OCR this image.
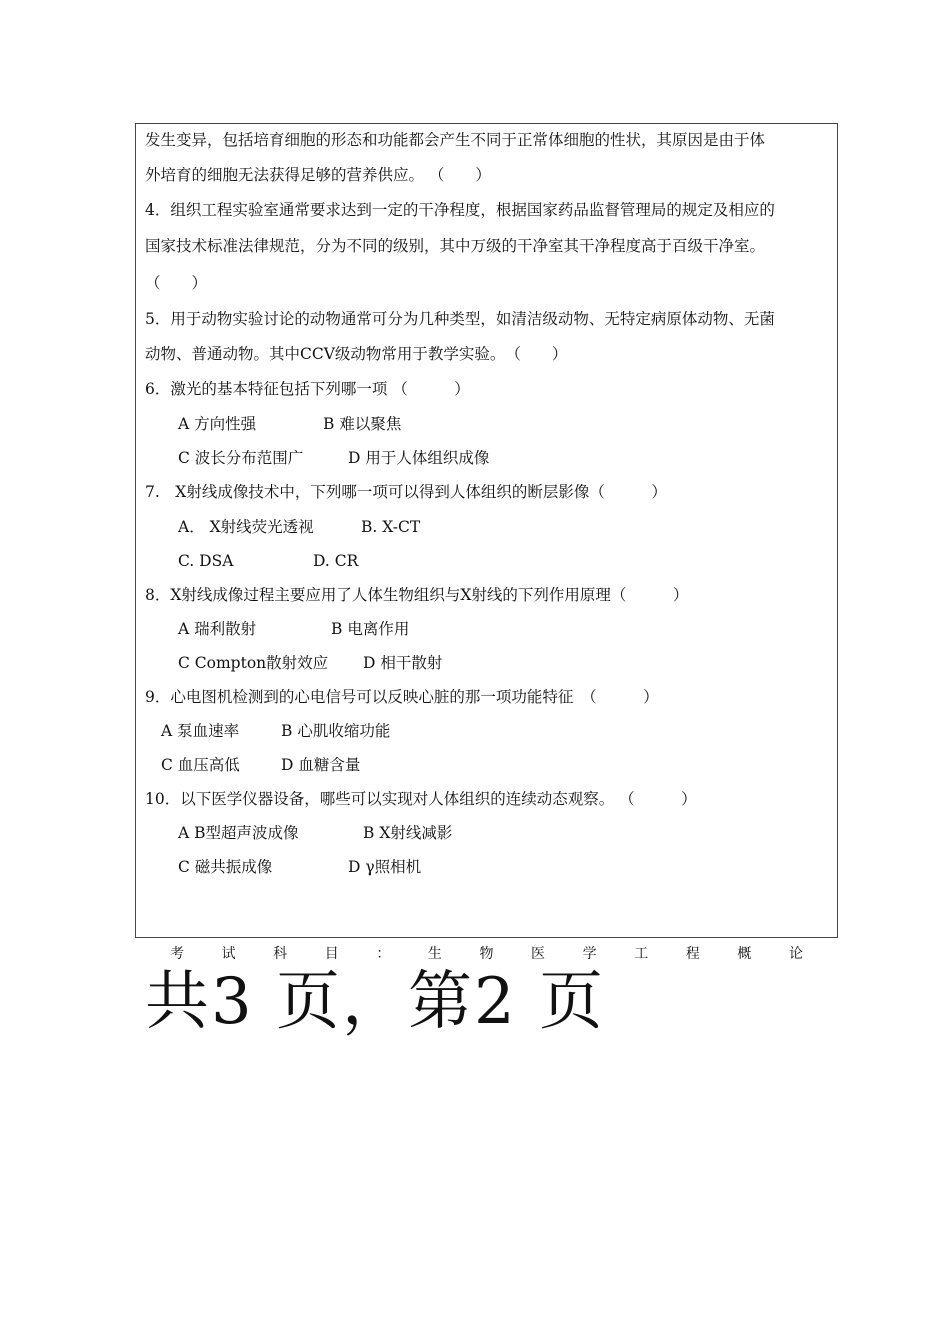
发生变异，包括培育细胞的形态和功能都会产生不同于正常体细胞的性状，其原因是由于体
外培育的细胞无法获得足够的营养供应。 （　　）
4．组织工程实验室通常要求达到一定的干净程度，根据国家药品监督管理局的规定及相应的
国家技术标准法律规范，分为不同的级别，其中万级的干净室其干净程度高于百级干净室。
（　　）
5．用于动物实验讨论的动物通常可分为几种类型，如清洁级动物、无特定病原体动物、无菌
动物、普通动物。其中CCV级动物常用于教学实验。　（　　）
6．激光的基本特征包括下列哪一项 （　　　）
A 方向性强	B 难以聚焦
C 波长分布范围广	D 用于人体组织成像
7.　X射线成像技术中，下列哪一项可以得到人体组织的断层影像（　　　）
A． X射线荧光透视	B. X-CT
C. DSA	D. CR
8．X射线成像过程主要应用了人体生物组织与X射线的下列作用原理（　　　）
A 瑞利散射	B 电离作用
C Compton散射效应 D 相干散射
9．心电图机检测到的心电信号可以反映心脏的那一项功能特征　（　　　）
A 泵血速率	B 心肌收缩功能
C 血压高低	D 血糖含量
10．以下医学仪器设备，哪些可以实现对人体组织的连续动态观察。 （　　　）
A B型超声波成像	B X射线减影
C 磁共振成像	D γ照相机
考	试	科	目	：	生	物	医	学	工	程	概	论
共3 页，第2 页
